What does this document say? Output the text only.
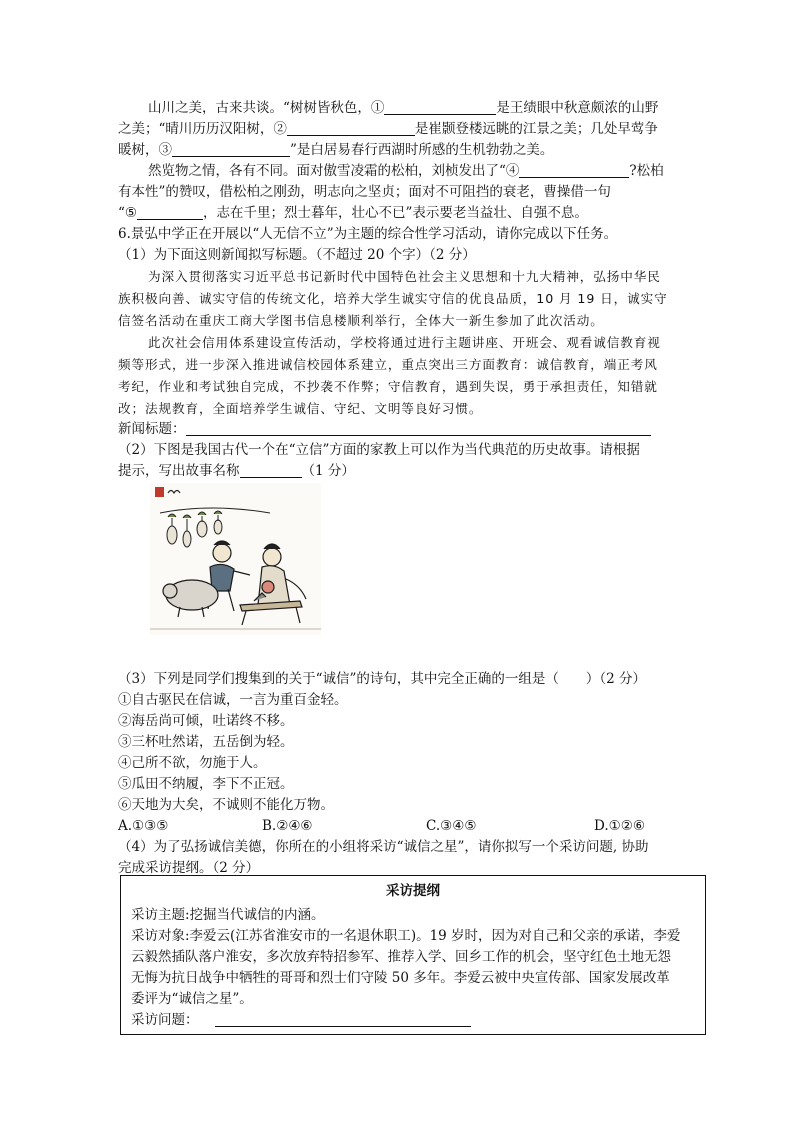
山川之美，古来共谈。“树树皆秋色，①	是王绩眼中秋意颇浓的山野
之美；“晴川历历汉阳树，②	是崔颢登楼远眺的江景之美；几处早莺争
暖树，③	”是白居易春行西湖时所感的生机勃勃之美。
然览物之情，各有不同。面对傲雪凌霜的松柏，刘桢发出了“④	?松柏
有本性”的赞叹，借松柏之刚劲，明志向之坚贞；面对不可阻挡的衰老，曹操借一句
“⑤	，志在千里；烈士暮年，壮心不已”表示要老当益壮、自强不息。
6.景弘中学正在开展以“人无信不立”为主题的综合性学习活动，请你完成以下任务。
（1）为下面这则新闻拟写标题。（不超过 20 个字）（2 分）
为深入贯彻落实习近平总书记新时代中国特色社会主义思想和十九大精神，弘扬中华民
族积极向善、诚实守信的传统文化，培养大学生诚实守信的优良品质，10 月 19 日，诚实守
信签名活动在重庆工商大学图书信息楼顺利举行，全体大一新生参加了此次活动。
此次社会信用体系建设宣传活动，学校将通过进行主题讲座、开班会、观看诚信教育视
频等形式，进一步深入推进诚信校园体系建立，重点突出三方面教育：诚信教育，端正考风
考纪，作业和考试独自完成，不抄袭不作弊；守信教育，遇到失误，勇于承担责任，知错就
改；法规教育，全面培养学生诚信、守纪、文明等良好习惯。
新闻标题：
（2）下图是我国古代一个在“立信”方面的家教上可以作为当代典范的历史故事。请根据
提示，写出故事名称	（1 分）
（3）下列是同学们搜集到的关于“诚信”的诗句，其中完全正确的一组是（　　）（2 分）
①自古驱民在信诚，一言为重百金轻。
②海岳尚可倾，吐诺终不移。
③三杯吐然诺，五岳倒为轻。
④己所不欲，勿施于人。
⑤瓜田不纳履，李下不正冠。
⑥天地为大矣，不诚则不能化万物。
A.①③⑤	B.②④⑥	C.③④⑤	D.①②⑥
（4）为了弘扬诚信美德，你所在的小组将采访“诚信之星”，请你拟写一个采访问题, 协助
完成采访提纲。（2 分）
采访提纲
采访主题:挖掘当代诚信的内涵。
采访对象:李爱云(江苏省淮安市的一名退休职工)。19 岁时，因为对自己和父亲的承诺，李爱
云毅然插队落户淮安，多次放弃特招参军、推荐入学、回乡工作的机会，坚守红色土地无怨
无悔为抗日战争中牺牲的哥哥和烈士们守陵 50 多年。李爱云被中央宣传部、国家发展改革
委评为“诚信之星”。
采访问题：
